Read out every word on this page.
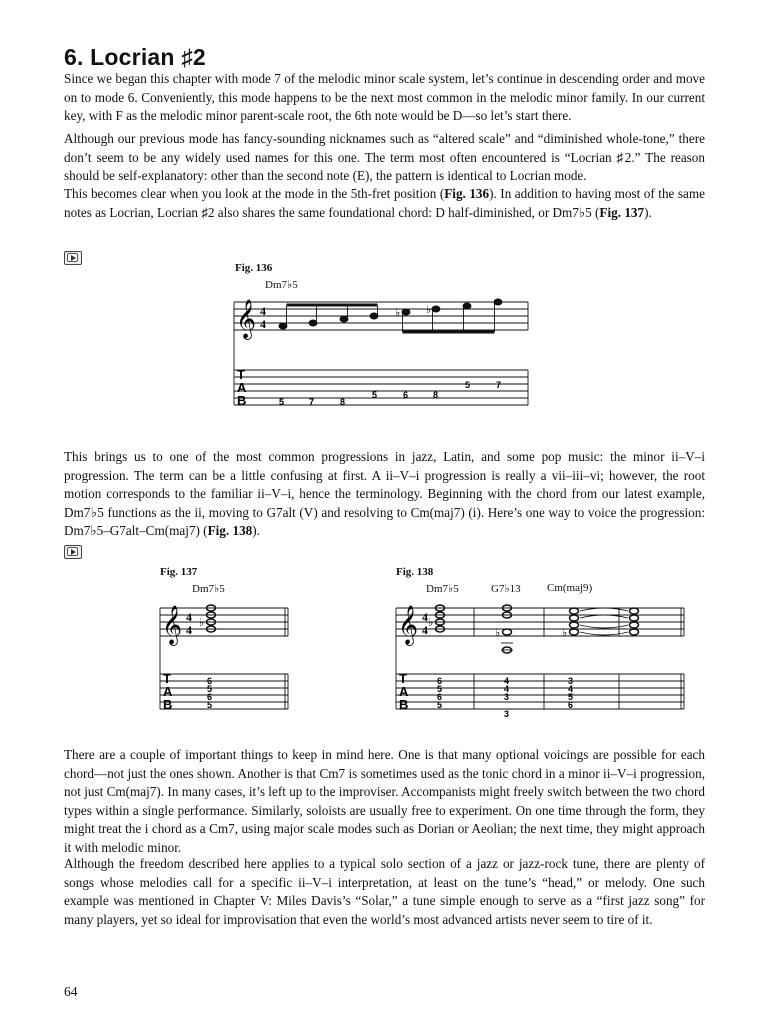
6. Locrian ♯2
Since we began this chapter with mode 7 of the melodic minor scale system, let’s continue in descending order and move on to mode 6. Conveniently, this mode happens to be the next most common in the melodic minor family. In our current key, with F as the melodic minor parent-scale root, the 6th note would be D—so let’s start there.
Although our previous mode has fancy-sounding nicknames such as “altered scale” and “diminished whole-tone,” there don’t seem to be any widely used names for this one. The term most often encountered is “Locrian ♯2.” The reason should be self-explanatory: other than the second note (E), the pattern is identical to Locrian mode.
This becomes clear when you look at the mode in the 5th-fret position (Fig. 136). In addition to having most of the same notes as Locrian, Locrian ♯2 also shares the same foundational chord: D half-diminished, or Dm7♭5 (Fig. 137).
Fig. 136
Dm7♭5
𝄞 4
4
T
A
B
♭ ♭
5	7	8
5	6	8
5	7
This brings us to one of the most common progressions in jazz, Latin, and some pop music: the minor ii–V–i progression. The term can be a little confusing at first. A ii–V–i progression is really a vii–iii–vi; however, the root motion corresponds to the familiar ii–V–i, hence the terminology. Beginning with the chord from our latest example, Dm7♭5 functions as the ii, moving to G7alt (V) and resolving to Cm(maj7) (i). Here’s one way to voice the progression: Dm7♭5–G7alt–Cm(maj7) (Fig. 138).
Fig. 137
Dm7♭5
𝄞 4
4
T
A
B
♭
6
5
6
5
Fig. 138
Dm7♭5	G7♭13 Cm(maj9)
𝄞 4
4
T
A
B
♭
♭	♭
6
5
6
5
4
4
3
3
3
4
5
6
There are a couple of important things to keep in mind here. One is that many optional voicings are possible for each chord—not just the ones shown. Another is that Cm7 is sometimes used as the tonic chord in a minor ii–V–i progression, not just Cm(maj7). In many cases, it’s left up to the improviser. Accompanists might freely switch between the two chord types within a single performance. Similarly, soloists are usually free to experiment. On one time through the form, they might treat the i chord as a Cm7, using major scale modes such as Dorian or Aeolian; the next time, they might approach it with melodic minor.
Although the freedom described here applies to a typical solo section of a jazz or jazz-rock tune, there are plenty of songs whose melodies call for a specific ii–V–i interpretation, at least on the tune’s “head,” or melody. One such example was mentioned in Chapter V: Miles Davis’s “Solar,” a tune simple enough to serve as a “first jazz song” for many players, yet so ideal for improvisation that even the world’s most advanced artists never seem to tire of it.
64
